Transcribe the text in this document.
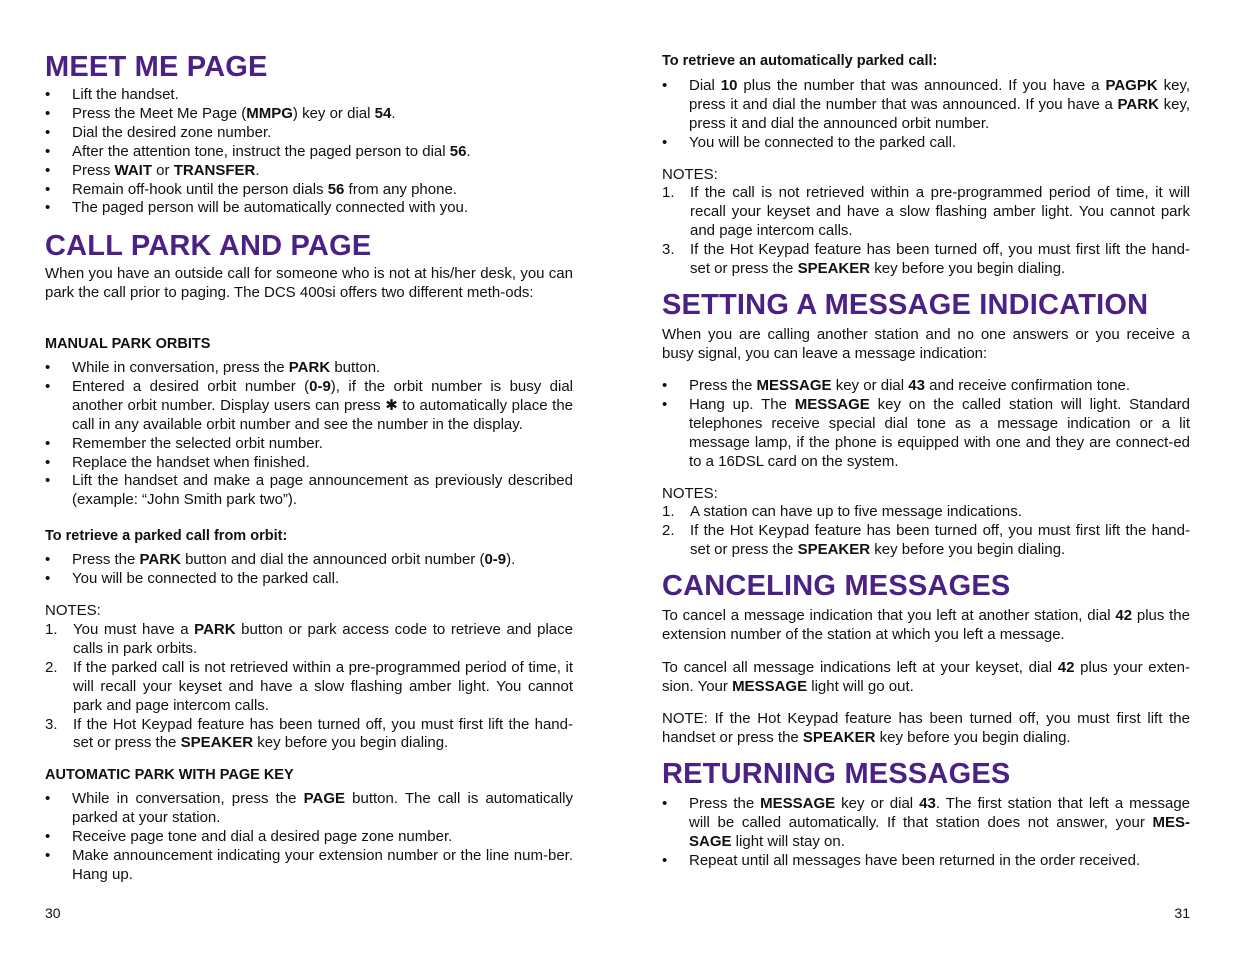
MEET ME PAGE
•	Lift the handset.
•	Press the Meet Me Page (MMPG) key or dial 54.
•	Dial the desired zone number.
•	After the attention tone, instruct the paged person to dial 56.
•	Press WAIT or TRANSFER.
•	Remain off-hook until the person dials 56 from any phone.
•	The paged person will be automatically connected with you.
CALL PARK AND PAGE

When you have an outside call for someone who is not at his/her desk, you can park the call prior to paging. The DCS 400si offers two different meth-ods:

MANUAL PARK ORBITS
•	While in conversation, press the PARK button.
•	Entered a desired orbit number (0-9), if the orbit number is busy dial another orbit number. Display users can press ✱ to automatically place the call in any available orbit number and see the number in the display.
•	Remember the selected orbit number.
•	Replace the handset when finished.
•	Lift the handset and make a page announcement as previously described (example: “John Smith park two”).
To retrieve a parked call from orbit:
•	Press the PARK button and dial the announced orbit number (0-9).
•	You will be connected to the parked call.
NOTES:
1.	You must have a PARK button or park access code to retrieve and place calls in park orbits.
2.	If the parked call is not retrieved within a pre-programmed period of time, it will recall your keyset and have a slow flashing amber light. You cannot park and page intercom calls.
3.	If the Hot Keypad feature has been turned off, you must first lift the hand-set or press the SPEAKER key before you begin dialing.
AUTOMATIC PARK WITH PAGE KEY
•	While in conversation, press the PAGE button. The call is automatically parked at your station.
•	Receive page tone and dial a desired page zone number.
•	Make announcement indicating your extension number or the line num-ber. Hang up.
30
To retrieve an automatically parked call:
•	Dial 10 plus the number that was announced. If you have a PAGPK key, press it and dial the number that was announced. If you have a PARK key, press it and dial the announced orbit number.
•	You will be connected to the parked call.
NOTES:
1.	If the call is not retrieved within a pre-programmed period of time, it will recall your keyset and have a slow flashing amber light. You cannot park and page intercom calls.
3.	If the Hot Keypad feature has been turned off, you must first lift the hand-set or press the SPEAKER key before you begin dialing.
SETTING A MESSAGE INDICATION

When you are calling another station and no one answers or you receive a busy signal, you can leave a message indication:

•	Press the MESSAGE key or dial 43 and receive confirmation tone.
•	Hang up. The MESSAGE key on the called station will light. Standard telephones receive special dial tone as a message indication or a lit message lamp, if the phone is equipped with one and they are connect-ed to a 16DSL card on the system.
NOTES:
1.	A station can have up to five message indications.
2.	If the Hot Keypad feature has been turned off, you must first lift the hand-set or press the SPEAKER key before you begin dialing.
CANCELING MESSAGES

To cancel a message indication that you left at another station, dial 42 plus the extension number of the station at which you left a message.

To cancel all message indications left at your keyset, dial 42 plus your exten-sion. Your MESSAGE light will go out.

NOTE: If the Hot Keypad feature has been turned off, you must first lift the handset or press the SPEAKER key before you begin dialing.

RETURNING MESSAGES
•	Press the MESSAGE key or dial 43. The first station that left a message will be called automatically. If that station does not answer, your MES-SAGE light will stay on.
•	Repeat until all messages have been returned in the order received.
31
